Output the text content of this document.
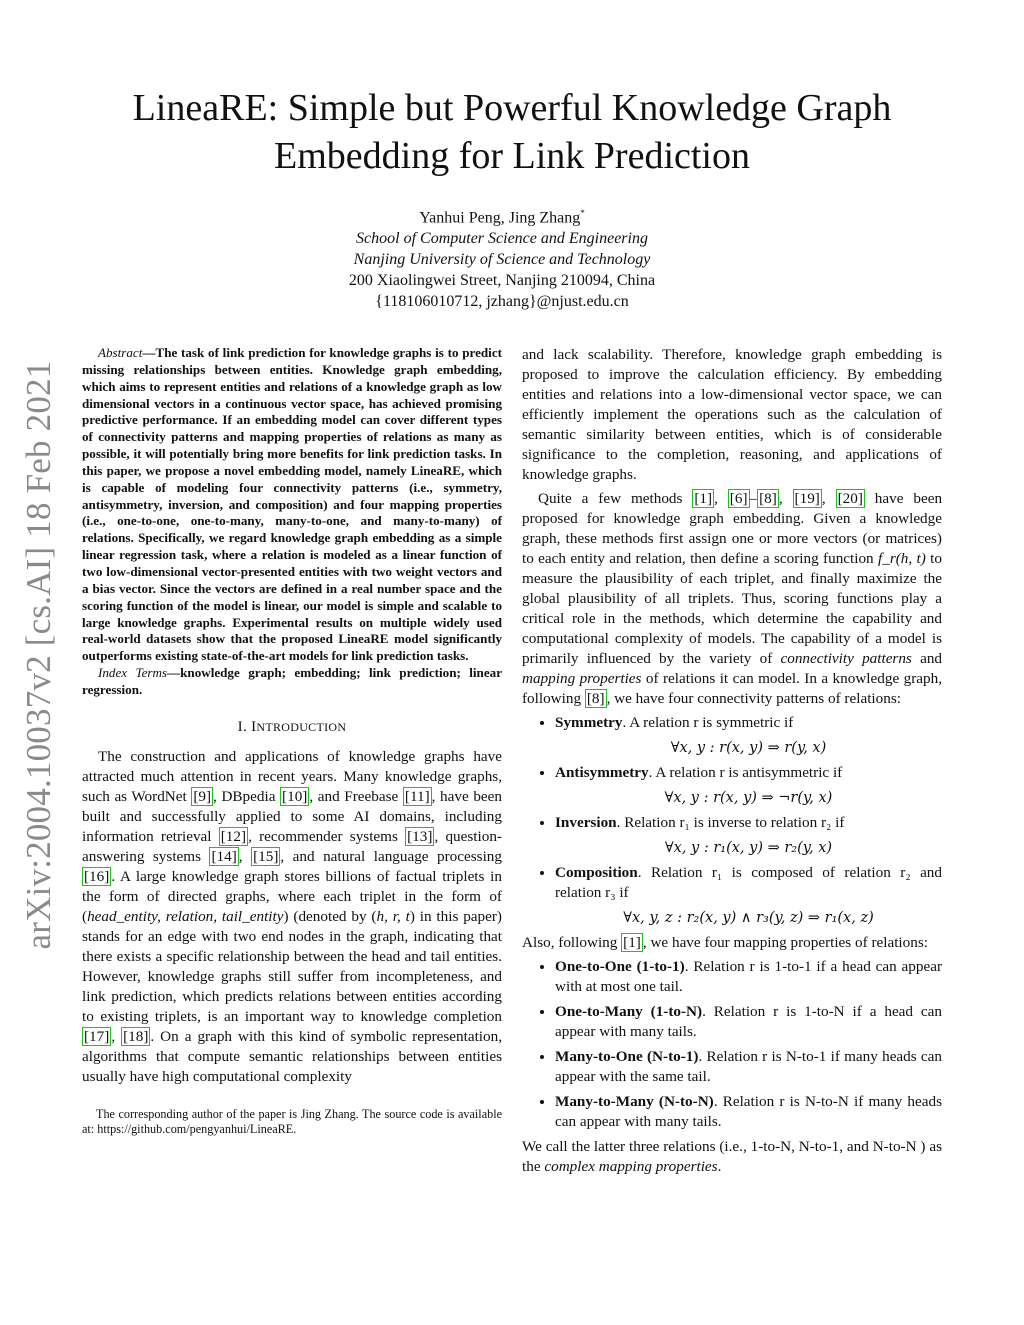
arXiv:2004.10037v2 [cs.AI] 18 Feb 2021
LineaRE: Simple but Powerful Knowledge Graph
Embedding for Link Prediction
Yanhui Peng, Jing Zhang*
School of Computer Science and Engineering
Nanjing University of Science and Technology
200 Xiaolingwei Street, Nanjing 210094, China
{118106010712, jzhang}@njust.edu.cn

Abstract—The task of link prediction for knowledge graphs is to predict missing relationships between entities. Knowledge graph embedding, which aims to represent entities and relations of a knowledge graph as low dimensional vectors in a continuous vector space, has achieved promising predictive performance. If an embedding model can cover different types of connectivity patterns and mapping properties of relations as many as possible, it will potentially bring more benefits for link prediction tasks. In this paper, we propose a novel embedding model, namely LineaRE, which is capable of modeling four connectivity patterns (i.e., symmetry, antisymmetry, inversion, and composition) and four mapping properties (i.e., one-to-one, one-to-many, many-to-one, and many-to-many) of relations. Specifically, we regard knowledge graph embedding as a simple linear regression task, where a relation is modeled as a linear function of two low-dimensional vector-presented entities with two weight vectors and a bias vector. Since the vectors are defined in a real number space and the scoring function of the model is linear, our model is simple and scalable to large knowledge graphs. Experimental results on multiple widely used real-world datasets show that the proposed LineaRE model significantly outperforms existing state-of-the-art models for link prediction tasks.

Index Terms—knowledge graph; embedding; link prediction; linear regression.

I. INTRODUCTION

The construction and applications of knowledge graphs have attracted much attention in recent years. Many knowledge graphs, such as WordNet [9] , DBpedia [10] , and Freebase [11] , have been built and successfully applied to some AI domains, including information retrieval [12] , recommender systems [13] , question-answering systems [14] , [15] , and natural language processing [16] . A large knowledge graph stores billions of factual triplets in the form of directed graphs, where each triplet in the form of (head_entity, relation, tail_entity) (denoted by (h, r, t) in this paper) stands for an edge with two end nodes in the graph, indicating that there exists a specific relationship between the head and tail entities. However, knowledge graphs still suffer from incompleteness, and link prediction, which predicts relations between entities according to existing triplets, is an important way to knowledge completion [17] , [18] . On a graph with this kind of symbolic representation, algorithms that compute semantic relationships between entities usually have high computational complexity

The corresponding author of the paper is Jing Zhang. The source code is available at: https://github.com/pengyanhui/LineaRE.

and lack scalability. Therefore, knowledge graph embedding is proposed to improve the calculation efficiency. By embedding entities and relations into a low-dimensional vector space, we can efficiently implement the operations such as the calculation of semantic similarity between entities, which is of considerable significance to the completion, reasoning, and applications of knowledge graphs.

Quite a few methods [1] , [6] – [8] , [19] , [20] have been proposed for knowledge graph embedding. Given a knowledge graph, these methods first assign one or more vectors (or matrices) to each entity and relation, then define a scoring function f_r(h, t) to measure the plausibility of each triplet, and finally maximize the global plausibility of all triplets. Thus, scoring functions play a critical role in the methods, which determine the capability and computational complexity of models. The capability of a model is primarily influenced by the variety of connectivity patterns and mapping properties of relations it can model. In a knowledge graph, following [8] , we have four connectivity patterns of relations:

• Symmetry. A relation r is symmetric if
∀x, y : r(x, y) ⇒ r(y, x)
• Antisymmetry. A relation r is antisymmetric if
∀x, y : r(x, y) ⇒ ¬r(y, x)
• Inversion. Relation r₁ is inverse to relation r₂ if
∀x, y : r₁(x, y) ⇒ r₂(y, x)
• Composition. Relation r₁ is composed of relation r₂ and relation r₃ if
∀x, y, z : r₂(x, y) ∧ r₃(y, z) ⇒ r₁(x, z)

Also, following [1] , we have four mapping properties of relations:

• One-to-One (1-to-1). Relation r is 1-to-1 if a head can appear with at most one tail.
• One-to-Many (1-to-N). Relation r is 1-to-N if a head can appear with many tails.
• Many-to-One (N-to-1). Relation r is N-to-1 if many heads can appear with the same tail.
• Many-to-Many (N-to-N). Relation r is N-to-N if many heads can appear with many tails.

We call the latter three relations (i.e., 1-to-N, N-to-1, and N-to-N ) as the complex mapping properties.
